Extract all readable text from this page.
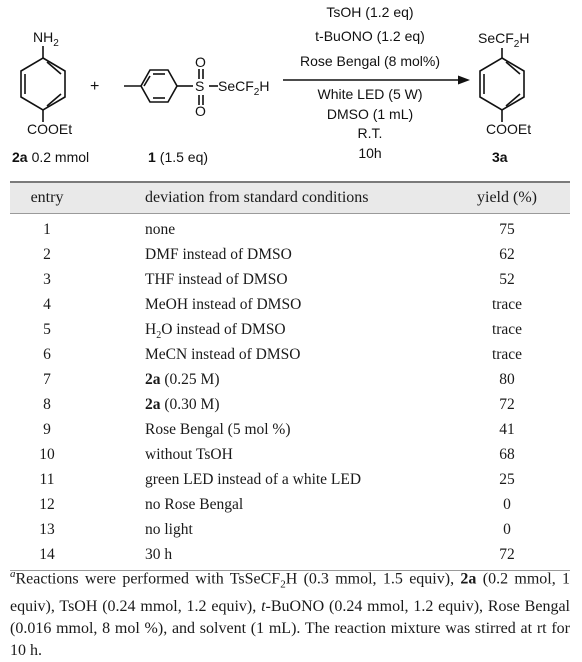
$NH_2$
COOEt
2a 0.2 mmol
+
O
S
O
SeCF$_2$H
1 (1.5 eq)
TsOH (1.2 eq)
t-BuONO (1.2 eq)
Rose Bengal (8 mol%)
White LED (5 W)
DMSO (1 mL)
R.T.
10h
SeCF$_2$H
COOEt
3a
entry	deviation from standard conditions	yield (%)
1	none	75
2	DMF instead of DMSO	62
3	THF instead of DMSO	52
4	MeOH instead of DMSO	trace
5	$H_2O$ instead of DMSO	trace
6	MeCN instead of DMSO	trace
7	2a (0.25 M)	80
8	2a (0.30 M)	72
9	Rose Bengal (5 mol %)	41
10	without TsOH	68
11	green LED instead of a white LED	25
12	no Rose Bengal	0
13	no light	0
14	30 h	72
$^a$Reactions were performed with TsSeCF$_2$H (0.3 mmol, 1.5 equiv), 2a (0.2 mmol, 1 equiv), TsOH (0.24 mmol, 1.2 equiv), t-BuONO (0.24 mmol, 1.2 equiv), Rose Bengal (0.016 mmol, 8 mol %), and solvent (1 mL). The reaction mixture was stirred at rt for 10 h.
